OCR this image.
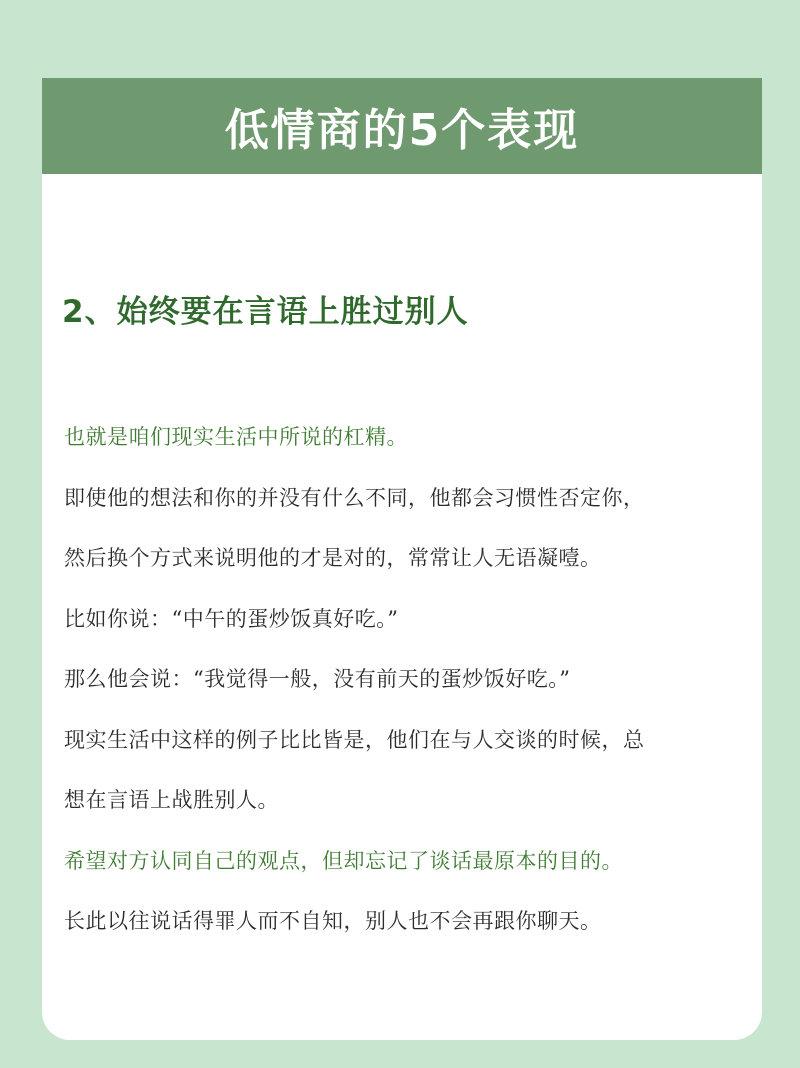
低情商的5个表现
2、始终要在言语上胜过别人
也就是咱们现实生活中所说的杠精。
即使他的想法和你的并没有什么不同，他都会习惯性否定你，
然后换个方式来说明他的才是对的，常常让人无语凝噎。
比如你说：“中午的蛋炒饭真好吃。”
那么他会说：“我觉得一般，没有前天的蛋炒饭好吃。”
现实生活中这样的例子比比皆是，他们在与人交谈的时候，总
想在言语上战胜别人。
希望对方认同自己的观点，但却忘记了谈话最原本的目的。
长此以往说话得罪人而不自知，别人也不会再跟你聊天。
